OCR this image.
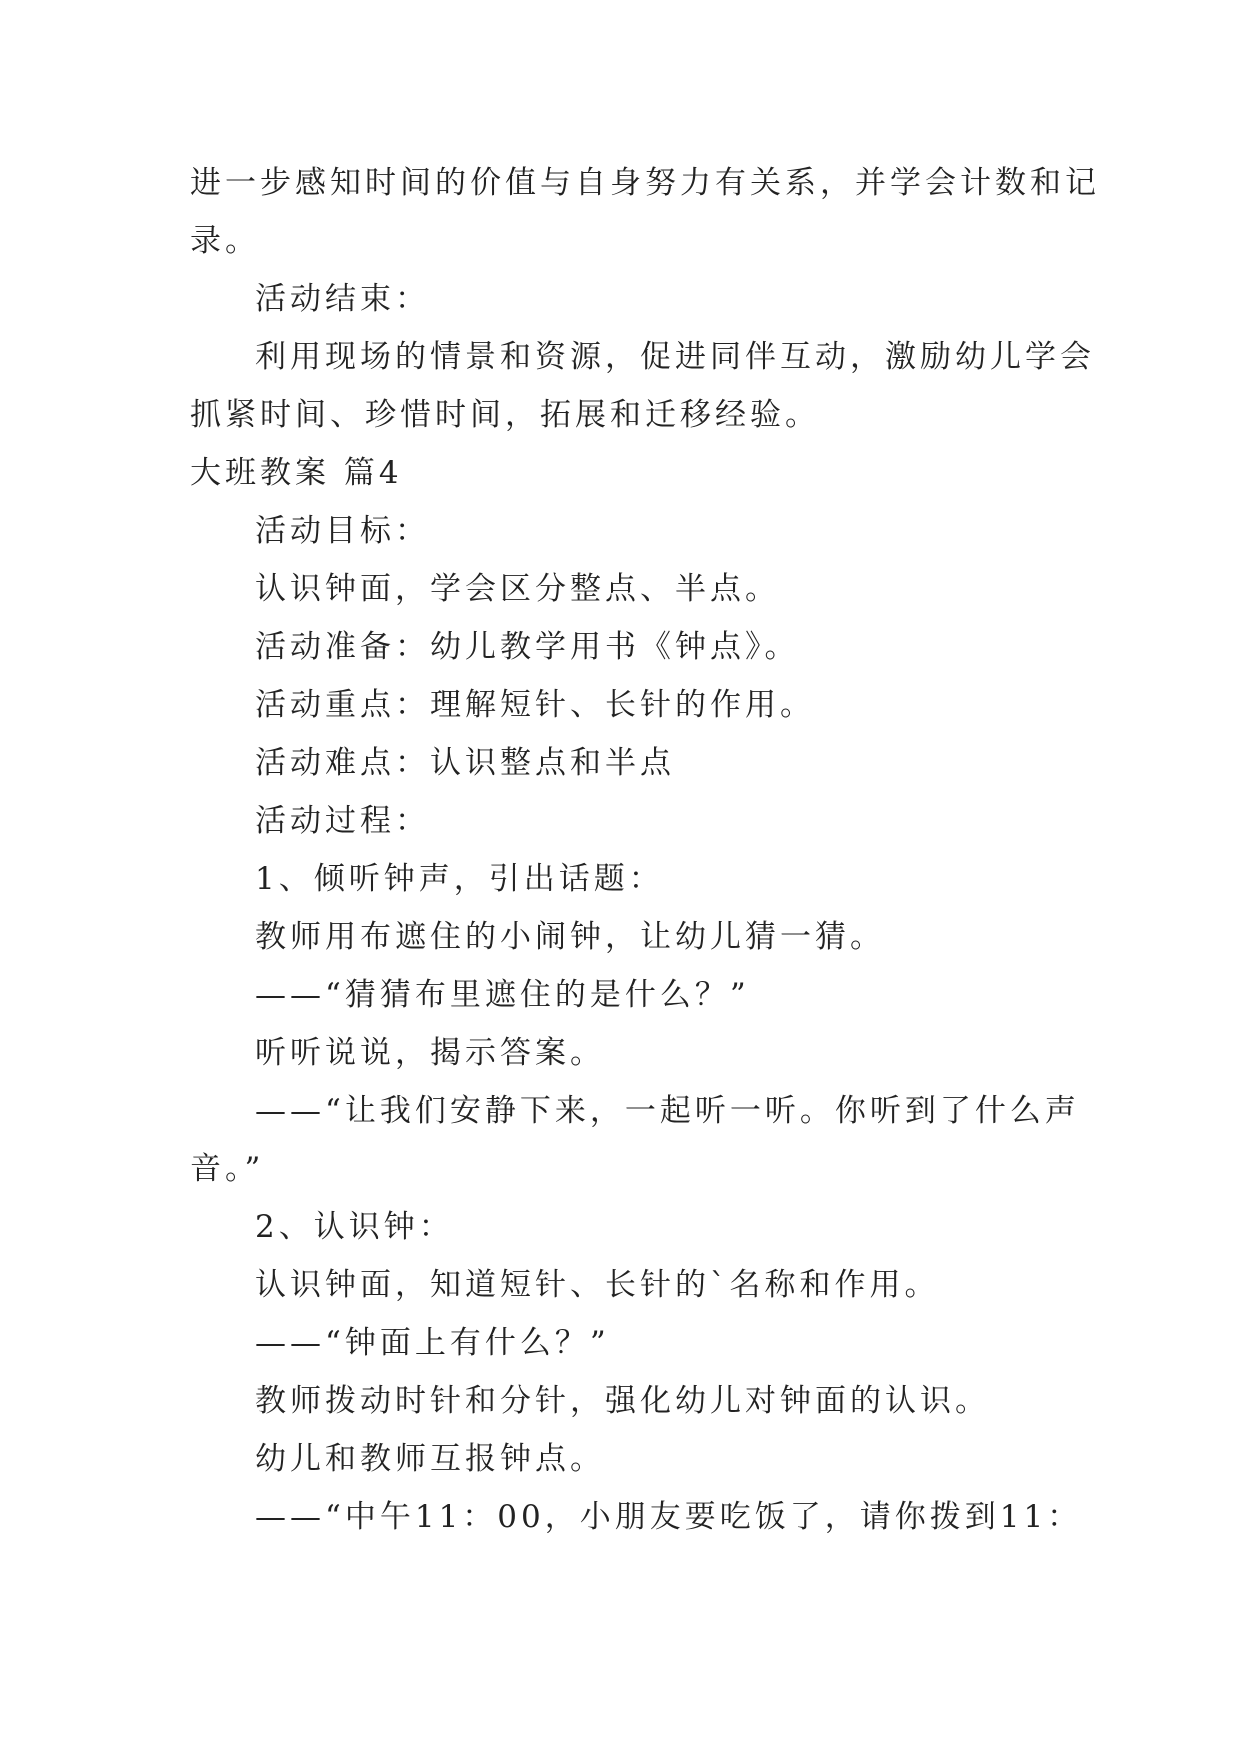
进一步感知时间的价值与自身努力有关系，并学会计数和记
录。
活动结束：
利用现场的情景和资源，促进同伴互动，激励幼儿学会
抓紧时间、珍惜时间，拓展和迁移经验。
大班教案 篇4
活动目标：
认识钟面，学会区分整点、半点。
活动准备：幼儿教学用书《钟点》。
活动重点：理解短针、长针的作用。
活动难点：认识整点和半点
活动过程：
1、倾听钟声，引出话题：
教师用布遮住的小闹钟，让幼儿猜一猜。
——“猜猜布里遮住的是什么？”
听听说说，揭示答案。
——“让我们安静下来，一起听一听。你听到了什么声
音。”
2、认识钟：
认识钟面，知道短针、长针的`名称和作用。
——“钟面上有什么？”
教师拨动时针和分针，强化幼儿对钟面的认识。
幼儿和教师互报钟点。
——“中午11：00，小朋友要吃饭了，请你拨到11：
